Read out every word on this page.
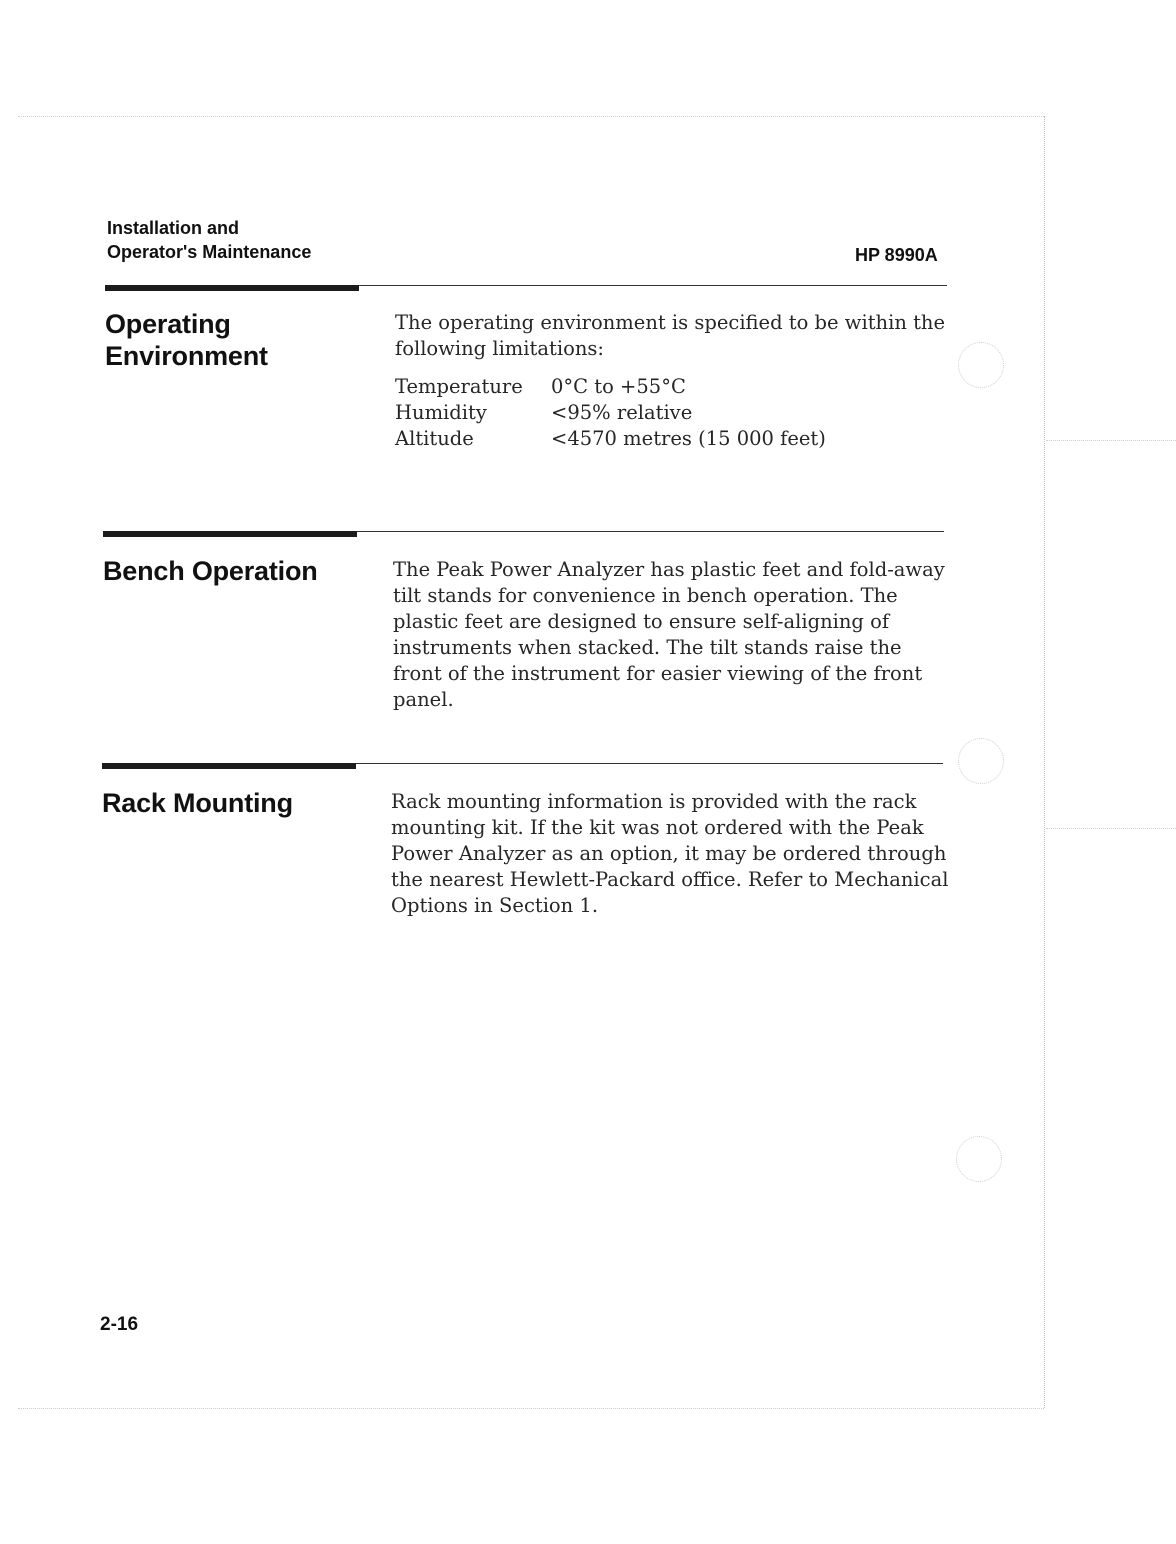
Installation and
Operator's Maintenance	HP 8990A
Operating
Environment
The operating environment is specified to be within the following limitations:
Temperature	0°C to +55°C
Humidity	<95% relative
Altitude	<4570 metres (15 000 feet)
Bench Operation	The Peak Power Analyzer has plastic feet and fold-away tilt stands for convenience in bench operation. The plastic feet are designed to ensure self-aligning of instruments when stacked. The tilt stands raise the front of the instrument for easier viewing of the front panel.
Rack Mounting	Rack mounting information is provided with the rack mounting kit. If the kit was not ordered with the Peak Power Analyzer as an option, it may be ordered through the nearest Hewlett-Packard office. Refer to Mechanical Options in Section 1.
2-16
